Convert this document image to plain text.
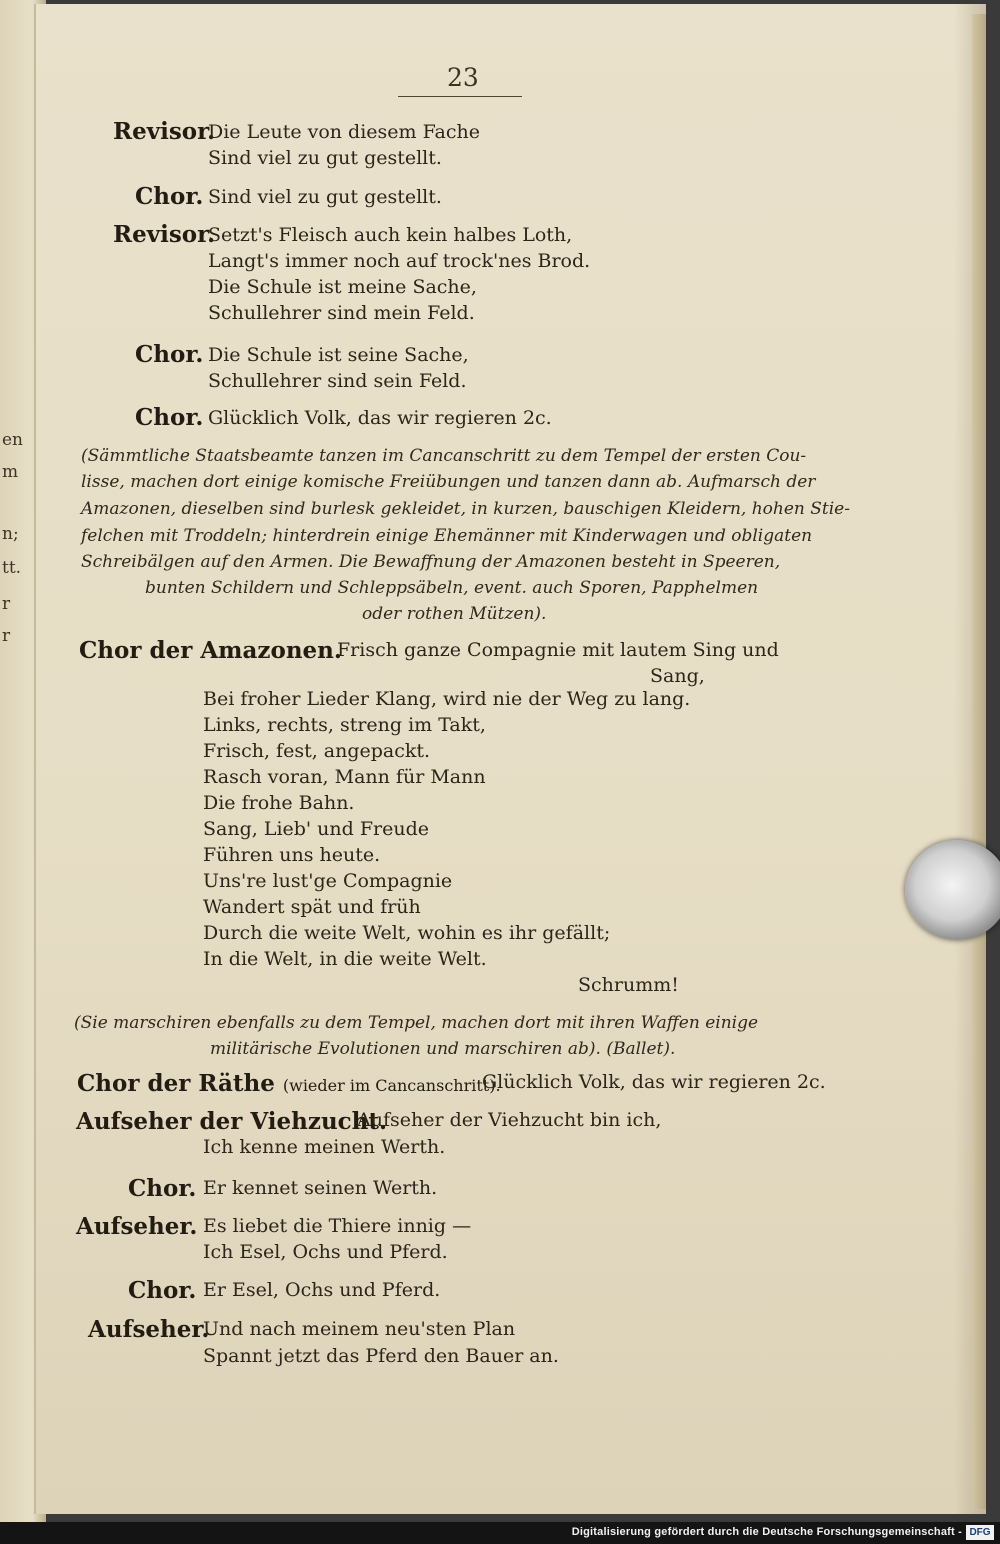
en
m
n;
tt.
r
r
23
Revisor.
Die Leute von diesem Fache
Sind viel zu gut gestellt.
Chor. Sind viel zu gut gestellt.
Revisor.
Setzt's Fleisch auch kein halbes Loth,
Langt's immer noch auf trock'nes Brod.
Die Schule ist meine Sache,
Schullehrer sind mein Feld.
Chor. Die Schule ist seine Sache,
Schullehrer sind sein Feld.
Chor. Glücklich Volk, das wir regieren 2c.
(Sämmtliche Staatsbeamte tanzen im Cancanschritt zu dem Tempel der ersten Cou-
lisse, machen dort einige komische Freiübungen und tanzen dann ab. Aufmarsch der
Amazonen, dieselben sind burlesk gekleidet, in kurzen, bauschigen Kleidern, hohen Stie-
felchen mit Troddeln; hinterdrein einige Ehemänner mit Kinderwagen und obligaten
Schreibälgen auf den Armen. Die Bewaffnung der Amazonen besteht in Speeren,
bunten Schildern und Schleppsäbeln, event. auch Sporen, Papphelmen
oder rothen Mützen).
Chor der Amazonen.
Frisch ganze Compagnie mit lautem Sing und
Sang,
Bei froher Lieder Klang, wird nie der Weg zu lang.
Links, rechts, streng im Takt,
Frisch, fest, angepackt.
Rasch voran, Mann für Mann
Die frohe Bahn.
Sang, Lieb' und Freude
Führen uns heute.
Uns're lust'ge Compagnie
Wandert spät und früh
Durch die weite Welt, wohin es ihr gefällt;
In die Welt, in die weite Welt.
Schrumm!
(Sie marschiren ebenfalls zu dem Tempel, machen dort mit ihren Waffen einige
militärische Evolutionen und marschiren ab). (Ballet).
Chor der Räthe (wieder im Cancanschritt).
Glücklich Volk, das wir regieren 2c.
Aufseher der Viehzucht.
Aufseher der Viehzucht bin ich,
Ich kenne meinen Werth.
Chor. Er kennet seinen Werth.
Aufseher. Es liebet die Thiere innig —
Ich Esel, Ochs und Pferd.
Chor. Er Esel, Ochs und Pferd.
Aufseher.
Und nach meinem neu'sten Plan
Spannt jetzt das Pferd den Bauer an.
Digitalisierung gefördert durch die Deutsche Forschungsgemeinschaft - DFG
